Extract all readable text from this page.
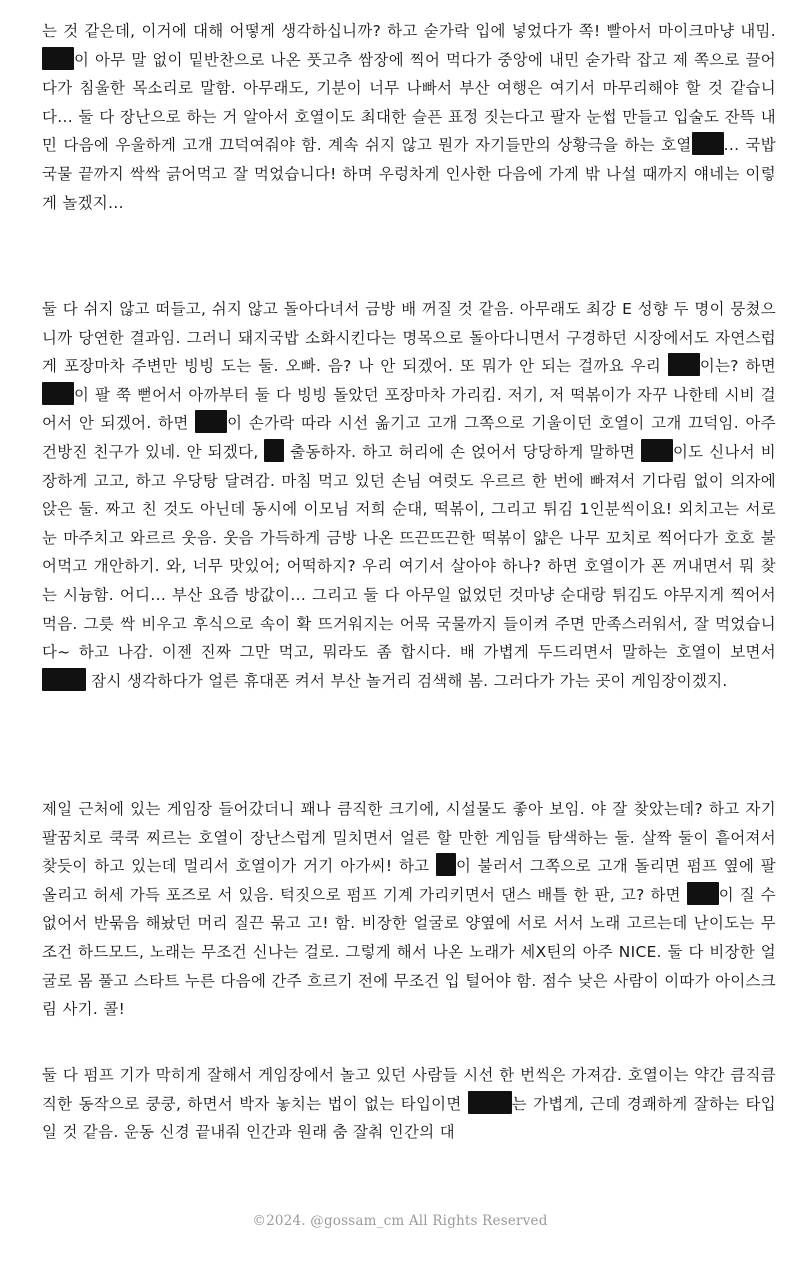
는 것 같은데, 이거에 대해 어떻게 생각하십니까? 하고 숟가락 입에 넣었다가 쪽! 빨아서 마이크마냥 내밈. 이 아무 말 없이 밑반찬으로 나온 풋고추 쌈장에 찍어 먹다가 중앙에 내민 숟가락 잡고 제 쪽으로 끌어다가 침울한 목소리로 말함. 아무래도, 기분이 너무 나빠서 부산 여행은 여기서 마무리해야 할 것 같습니다... 둘 다 장난으로 하는 거 알아서 호열이도 최대한 슬픈 표정 짓는다고 팔자 눈썹 만들고 입술도 잔뜩 내민 다음에 우울하게 고개 끄덕여줘야 함. 계속 쉬지 않고 뭔가 자기들만의 상황극을 하는 호열 ... 국밥 국물 끝까지 싹싹 긁어먹고 잘 먹었습니다! 하며 우렁차게 인사한 다음에 가게 밖 나설 때까지 얘네는 이렇게 놀겠지...

둘 다 쉬지 않고 떠들고, 쉬지 않고 돌아다녀서 금방 배 꺼질 것 같음. 아무래도 최강 E 성향 두 명이 뭉쳤으니까 당연한 결과임. 그러니 돼지국밥 소화시킨다는 명목으로 돌아다니면서 구경하던 시장에서도 자연스럽게 포장마차 주변만 빙빙 도는 둘. 오빠. 음? 나 안 되겠어. 또 뭐가 안 되는 걸까요 우리 이는? 하면 이 팔 쭉 뻗어서 아까부터 둘 다 빙빙 돌았던 포장마차 가리킴. 저기, 저 떡볶이가 자꾸 나한테 시비 걸어서 안 되겠어. 하면 이 손가락 따라 시선 옮기고 고개 그쪽으로 기울이던 호열이 고개 끄덕임. 아주 건방진 친구가 있네. 안 되겠다,  출동하자. 하고 허리에 손 얹어서 당당하게 말하면 이도 신나서 비장하게 고고, 하고 우당탕 달려감. 마침 먹고 있던 손님 여럿도 우르르 한 번에 빠져서 기다림 없이 의자에 앉은 둘. 짜고 친 것도 아닌데 동시에 이모님 저희 순대, 떡볶이, 그리고 튀김 1인분씩이요! 외치고는 서로 눈 마주치고 와르르 웃음. 웃음 가득하게 금방 나온 뜨끈뜨끈한 떡볶이 얇은 나무 꼬치로 찍어다가 호호 불어먹고 개안하기. 와, 너무 맛있어; 어떡하지? 우리 여기서 살아야 하나? 하면 호열이가 폰 꺼내면서 뭐 찾는 시늉함. 어디... 부산 요즘 방값이... 그리고 둘 다 아무일 없었던 것마냥 순대랑 튀김도 야무지게 찍어서 먹음. 그릇 싹 비우고 후식으로 속이 확 뜨거워지는 어묵 국물까지 들이켜 주면 만족스러워서, 잘 먹었습니다~ 하고 나감. 이젠 진짜 그만 먹고, 뭐라도 좀 합시다. 배 가볍게 두드리면서 말하는 호열이 보면서  잠시 생각하다가 얼른 휴대폰 켜서 부산 놀거리 검색해 봄. 그러다가 가는 곳이 게임장이겠지.

제일 근처에 있는 게임장 들어갔더니 꽤나 큼직한 크기에, 시설물도 좋아 보임. 야 잘 찾았는데? 하고 자기 팔꿈치로 쿡쿡 찌르는 호열이 장난스럽게 밀치면서 얼른 할 만한 게임들 탐색하는 둘. 살짝 둘이 흩어져서 찾듯이 하고 있는데 멀리서 호열이가 거기 아가씨! 하고 이 불러서 그쪽으로 고개 돌리면 펌프 옆에 팔 올리고 허세 가득 포즈로 서 있음. 턱짓으로 펌프 기계 가리키면서 댄스 배틀 한 판, 고? 하면 이 질 수 없어서 반묶음 해놨던 머리 질끈 묶고 고! 함. 비장한 얼굴로 양옆에 서로 서서 노래 고르는데 난이도는 무조건 하드모드, 노래는 무조건 신나는 걸로. 그렇게 해서 나온 노래가 세X틴의 아주 NICE. 둘 다 비장한 얼굴로 몸 풀고 스타트 누른 다음에 간주 흐르기 전에 무조건 입 털어야 함. 점수 낮은 사람이 이따가 아이스크림 사기. 콜!

둘 다 펌프 기가 막히게 잘해서 게임장에서 놀고 있던 사람들 시선 한 번씩은 가져감. 호열이는 약간 큼직큼직한 동작으로 쿵쿵, 하면서 박자 놓치는 법이 없는 타입이면	는 가볍게, 근데 경쾌하게 잘하는 타입일 것 같음. 운동 신경 끝내줘 인간과 원래 춤 잘춰 인간의 대

©2024. @gossam_cm All Rights Reserved
